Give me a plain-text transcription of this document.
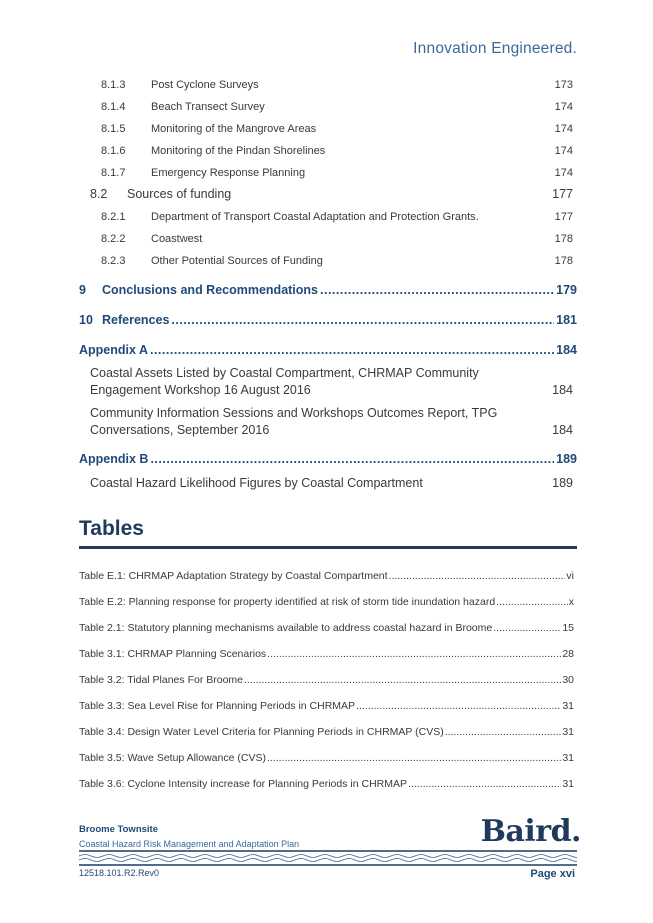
Innovation Engineered.
8.1.3 Post Cyclone Surveys	173
8.1.4 Beach Transect Survey	174
8.1.5 Monitoring of the Mangrove Areas	174
8.1.6 Monitoring of the Pindan Shorelines	174
8.1.7 Emergency Response Planning	174
8.2 Sources of funding	177
8.2.1 Department of Transport Coastal Adaptation and Protection Grants.	177
8.2.2 Coastwest	178
8.2.3 Other Potential Sources of Funding	178
9	Conclusions and Recommendations .....	179
10 References .....	181
Appendix A .....	184
Coastal Assets Listed by Coastal Compartment, CHRMAP Community Engagement Workshop 16 August 2016	184
Community Information Sessions and Workshops Outcomes Report, TPG Conversations, September 2016	184
Appendix B .....	189
Coastal Hazard Likelihood Figures by Coastal Compartment	189
Tables
Table E.1: CHRMAP Adaptation Strategy by Coastal Compartment .....	vi
Table E.2: Planning response for property identified at risk of storm tide inundation hazard .....	x
Table 2.1: Statutory planning mechanisms available to address coastal hazard in Broome .....	15
Table 3.1: CHRMAP Planning Scenarios .....	28
Table 3.2: Tidal Planes For Broome .....	30
Table 3.3: Sea Level Rise for Planning Periods in CHRMAP .....	31
Table 3.4: Design Water Level Criteria for Planning Periods in CHRMAP (CVS) .....	31
Table 3.5: Wave Setup Allowance (CVS) .....	31
Table 3.6: Cyclone Intensity increase for Planning Periods in CHRMAP .....	31
Broome Townsite
Coastal Hazard Risk Management and Adaptation Plan	Baird.
12518.101.R2.Rev0	Page xvi
